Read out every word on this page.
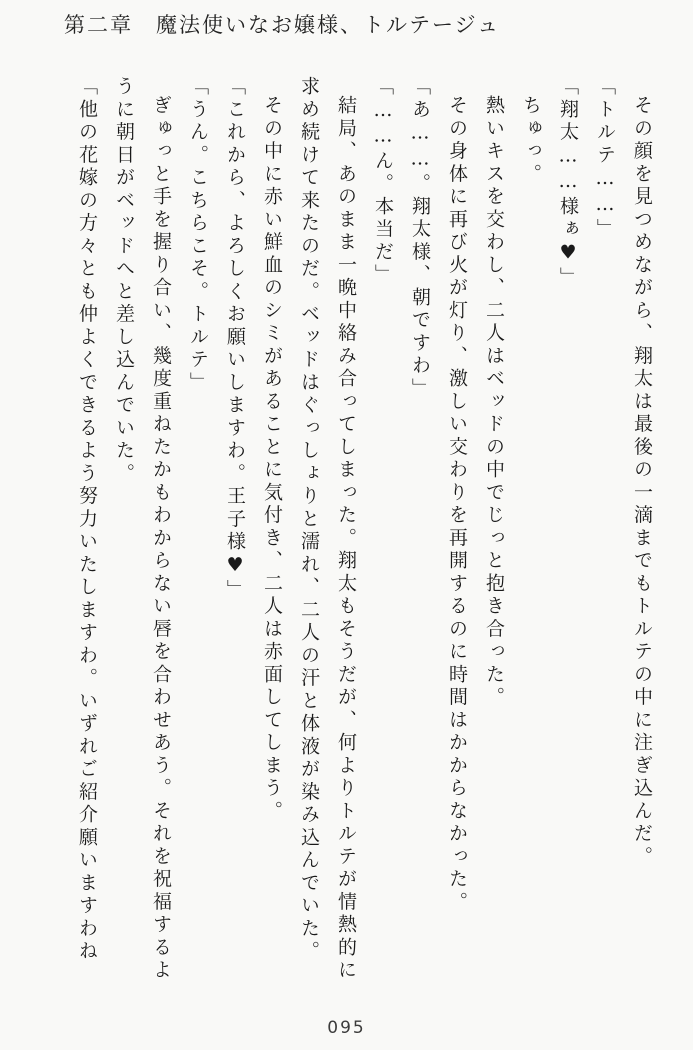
第二章　魔法使いなお嬢様、トルテージュ

その顔を見つめながら、翔太は最後の一滴までもトルテの中に注ぎ込んだ。

「トルテ……」

「翔太……様ぁ♥」

ちゅっ。

熱いキスを交わし、二人はベッドの中でじっと抱き合った。

その身体に再び火が灯り、激しい交わりを再開するのに時間はかからなかった。

「あ……。翔太様、朝ですわ」

「……ん。本当だ」

結局、あのまま一晩中絡み合ってしまった。翔太もそうだが、何よりトルテが情熱的に求め続けて来たのだ。ベッドはぐっしょりと濡れ、二人の汗と体液が染み込んでいた。

その中に赤い鮮血のシミがあることに気付き、二人は赤面してしまう。

「これから、よろしくお願いしますわ。王子様♥」

「うん。こちらこそ。トルテ」

ぎゅっと手を握り合い、幾度重ねたかもわからない唇を合わせあう。それを祝福するように朝日がベッドへと差し込んでいた。

「他の花嫁の方々とも仲よくできるよう努力いたしますわ。いずれご紹介願いますわね

095
